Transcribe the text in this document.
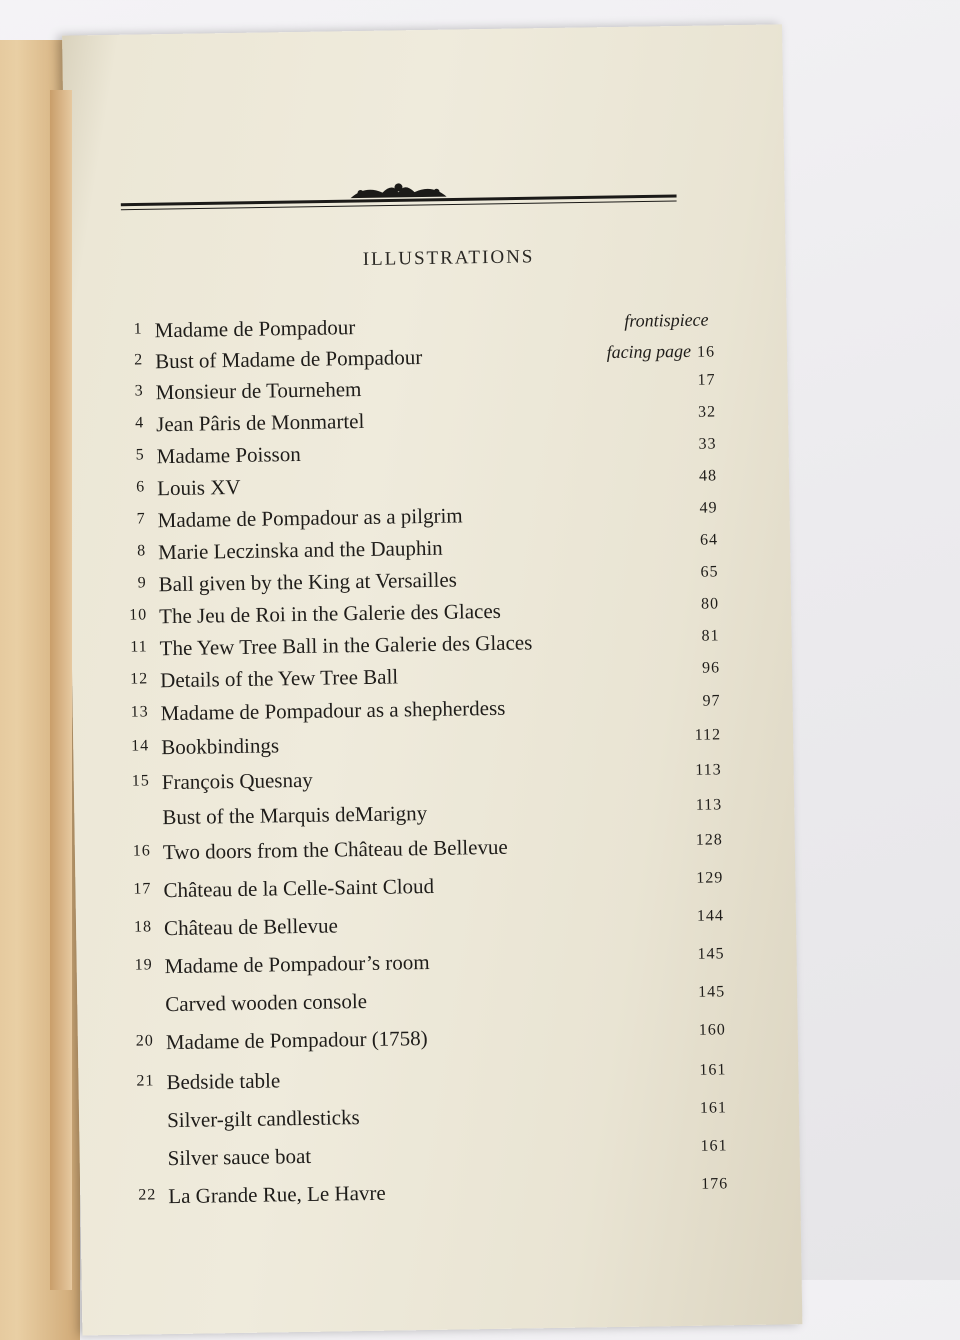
ILLUSTRATIONS
1 Madame de Pompadour	frontispiece
2 Bust of Madame de Pompadour	facing page 16
3 Monsieur de Tournehem	17
4 Jean Pâris de Monmartel	32
5 Madame Poisson	33
6 Louis XV	48
7 Madame de Pompadour as a pilgrim	49
8 Marie Leczinska and the Dauphin	64
9 Ball given by the King at Versailles	65
10 The Jeu de Roi in the Galerie des Glaces	80
11 The Yew Tree Ball in the Galerie des Glaces	81
12 Details of the Yew Tree Ball	96
13 Madame de Pompadour as a shepherdess	97
14 Bookbindings	112
15 François Quesnay	113
Bust of the Marquis deMarigny	113
16 Two doors from the Château de Bellevue	128
17 Château de la Celle-Saint Cloud	129
18 Château de Bellevue	144
19 Madame de Pompadour’s room	145
Carved wooden console	145
20 Madame de Pompadour (1758)	160
21 Bedside table	161
Silver-gilt candlesticks	161
Silver sauce boat	161
22 La Grande Rue, Le Havre	176
